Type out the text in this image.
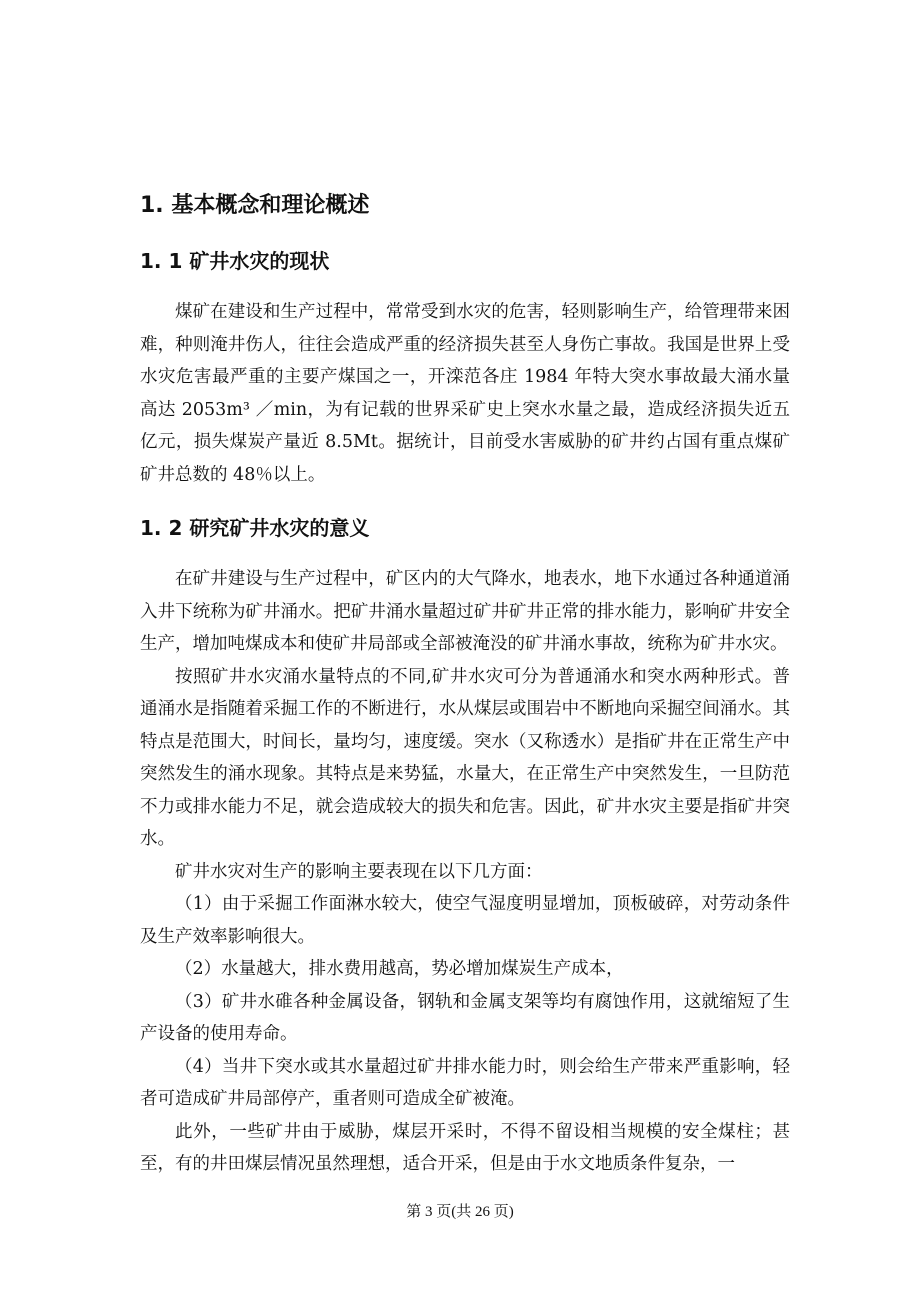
1. 基本概念和理论概述
1. 1 矿井水灾的现状

煤矿在建设和生产过程中，常常受到水灾的危害，轻则影响生产，给管理带来困难，种则淹井伤人，往往会造成严重的经济损失甚至人身伤亡事故。我国是世界上受水灾危害最严重的主要产煤国之一，开滦范各庄 1984 年特大突水事故最大涌水量高达 2053m³ ／min，为有记载的世界采矿史上突水水量之最，造成经济损失近五亿元，损失煤炭产量近 8.5Mt。据统计，目前受水害威胁的矿井约占国有重点煤矿矿井总数的 48％以上。

1. 2 研究矿井水灾的意义

在矿井建设与生产过程中，矿区内的大气降水，地表水，地下水通过各种通道涌入井下统称为矿井涌水。把矿井涌水量超过矿井矿井正常的排水能力，影响矿井安全生产，增加吨煤成本和使矿井局部或全部被淹没的矿井涌水事故，统称为矿井水灾。

按照矿井水灾涌水量特点的不同,矿井水灾可分为普通涌水和突水两种形式。普通涌水是指随着采掘工作的不断进行，水从煤层或围岩中不断地向采掘空间涌水。其特点是范围大，时间长，量均匀，速度缓。突水（又称透水）是指矿井在正常生产中突然发生的涌水现象。其特点是来势猛，水量大，在正常生产中突然发生，一旦防范不力或排水能力不足，就会造成较大的损失和危害。因此，矿井水灾主要是指矿井突水。

矿井水灾对生产的影响主要表现在以下几方面：

（1）由于采掘工作面淋水较大，使空气湿度明显增加，顶板破碎，对劳动条件及生产效率影响很大。

（2）水量越大，排水费用越高，势必增加煤炭生产成本，

（3）矿井水碓各种金属设备，钢轨和金属支架等均有腐蚀作用，这就缩短了生产设备的使用寿命。

（4）当井下突水或其水量超过矿井排水能力时，则会给生产带来严重影响，轻者可造成矿井局部停产，重者则可造成全矿被淹。

此外，一些矿井由于威胁，煤层开采时，不得不留设相当规模的安全煤柱；甚至，有的井田煤层情况虽然理想，适合开采，但是由于水文地质条件复杂，一

第 3 页(共 26 页)
